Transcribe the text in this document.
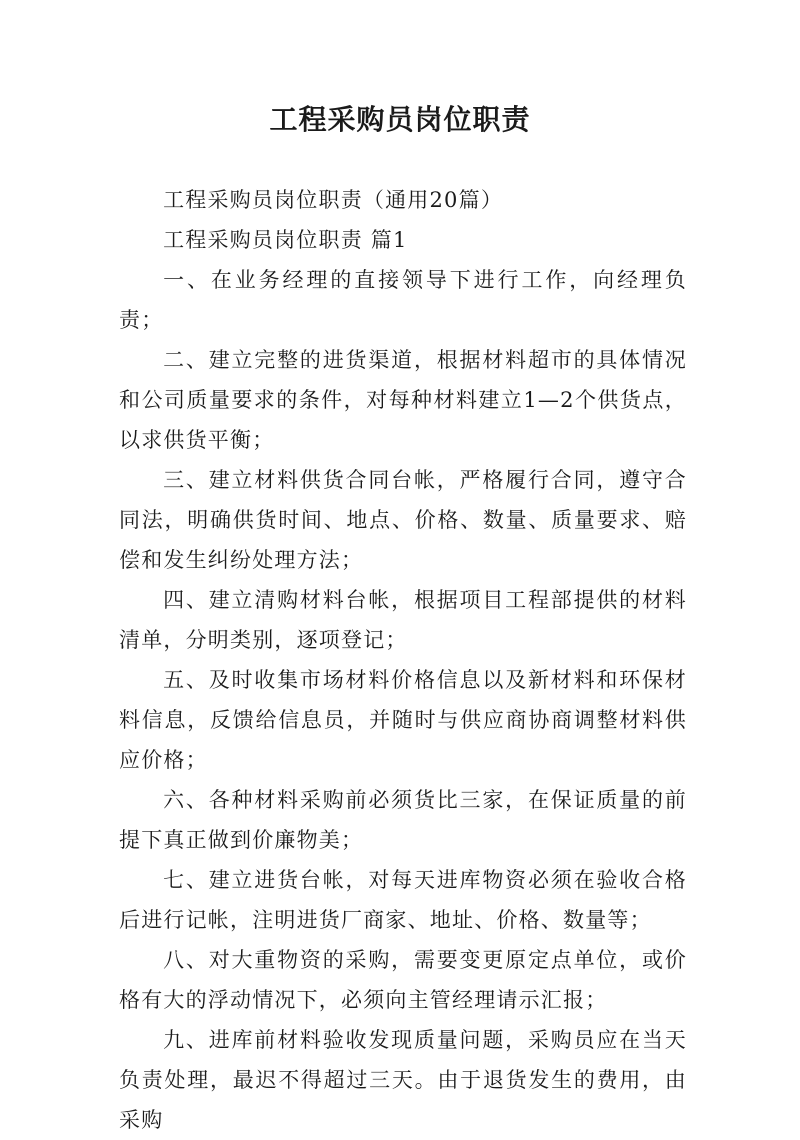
工程采购员岗位职责

工程采购员岗位职责（通用20篇）

工程采购员岗位职责 篇1

一、在业务经理的直接领导下进行工作，向经理负责；

二、建立完整的进货渠道，根据材料超市的具体情况和公司质量要求的条件，对每种材料建立1—2个供货点，以求供货平衡；

三、建立材料供货合同台帐，严格履行合同，遵守合同法，明确供货时间、地点、价格、数量、质量要求、赔偿和发生纠纷处理方法；

四、建立清购材料台帐，根据项目工程部提供的材料清单，分明类别，逐项登记；

五、及时收集市场材料价格信息以及新材料和环保材料信息，反馈给信息员，并随时与供应商协商调整材料供应价格；

六、各种材料采购前必须货比三家，在保证质量的前提下真正做到价廉物美；

七、建立进货台帐，对每天进库物资必须在验收合格后进行记帐，注明进货厂商家、地址、价格、数量等；

八、对大重物资的采购，需要变更原定点单位，或价格有大的浮动情况下，必须向主管经理请示汇报；

九、进库前材料验收发现质量问题，采购员应在当天负责处理，最迟不得超过三天。由于退货发生的费用，由采购
